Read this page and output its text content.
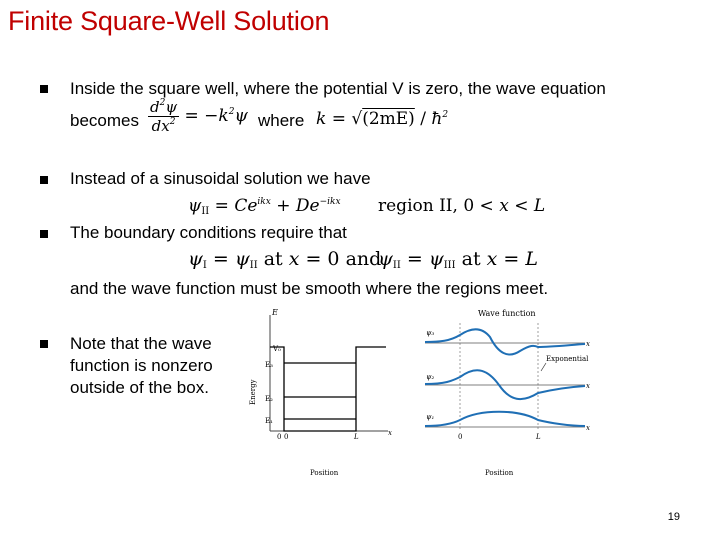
Finite Square-Well Solution
Inside the square well, where the potential V is zero, the wave equation
becomes $\frac{d^2\psi}{dx^2} = -k^2\psi$ where $k = √(2mE) / ħ^2$
Instead of a sinusoidal solution we have
$\psi_{II} = Ce^{ikx} + De^{-ikx}$ region II, 0 < x < L
The boundary conditions require that
$\psi_I = \psi_{II}$ at x = 0 and
$\psi_{II} = \psi_{III}$ at x = L
and the wave function must be smooth where the regions meet.
Note that the wave function is nonzero outside of the box.
E
V₀
E₃
E₂
E₁
Energy
0 0	L	x
Position
Wave function
ψ₃
ψ₂
ψ₁
Exponential
x
x
x
0	L
Position
19
